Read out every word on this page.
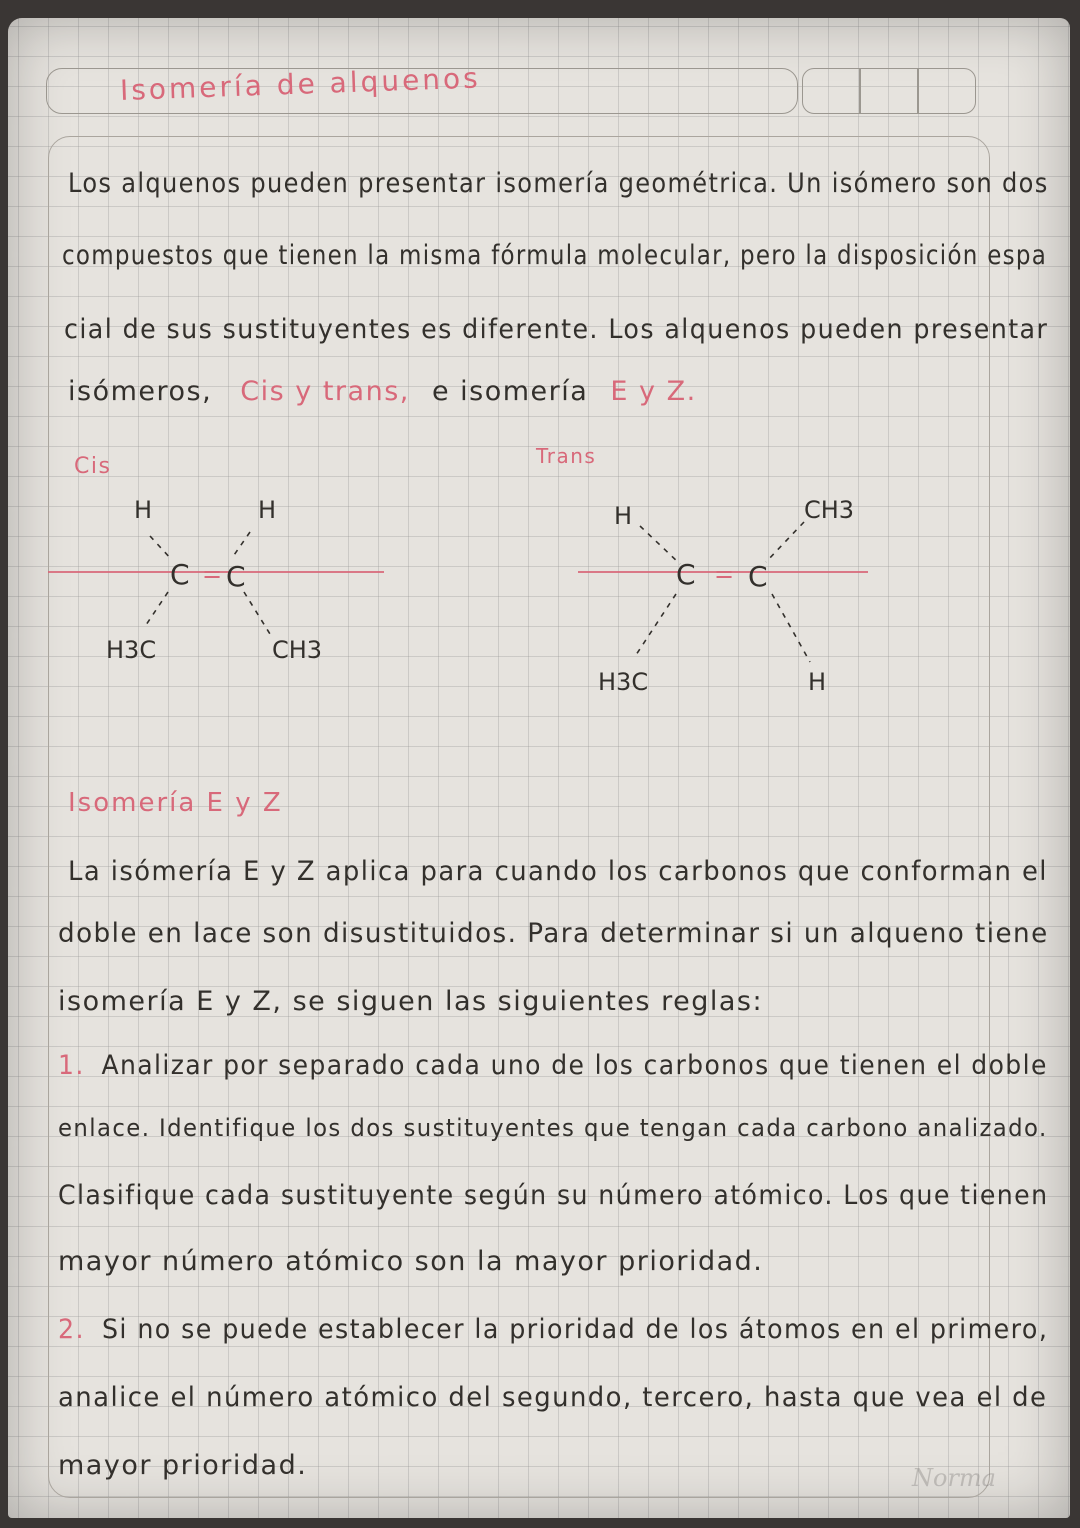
Isomería de alquenos
Los alquenos pueden presentar isomería geométrica. Un isómero son dos
compuestos que tienen la misma fórmula molecular, pero la disposición espa
cial de sus sustituyentes es diferente. Los alquenos pueden presentar
isómeros, Cis y trans, e isomería E y Z.
Cis	Trans
H	H
C = C
H3C	CH3
H	CH3
C = C
H3C	H
Isomería E y Z
La isómería E y Z aplica para cuando los carbonos que conforman el
doble en lace son disustituidos. Para determinar si un alqueno tiene
isomería E y Z, se siguen las siguientes reglas:
1. Analizar por separado cada uno de los carbonos que tienen el doble
enlace. Identifique los dos sustituyentes que tengan cada carbono analizado.
Clasifique cada sustituyente según su número atómico. Los que tienen
mayor número atómico son la mayor prioridad.
2. Si no se puede establecer la prioridad de los átomos en el primero,
analice el número atómico del segundo, tercero, hasta que vea el de
mayor prioridad.	Norma
